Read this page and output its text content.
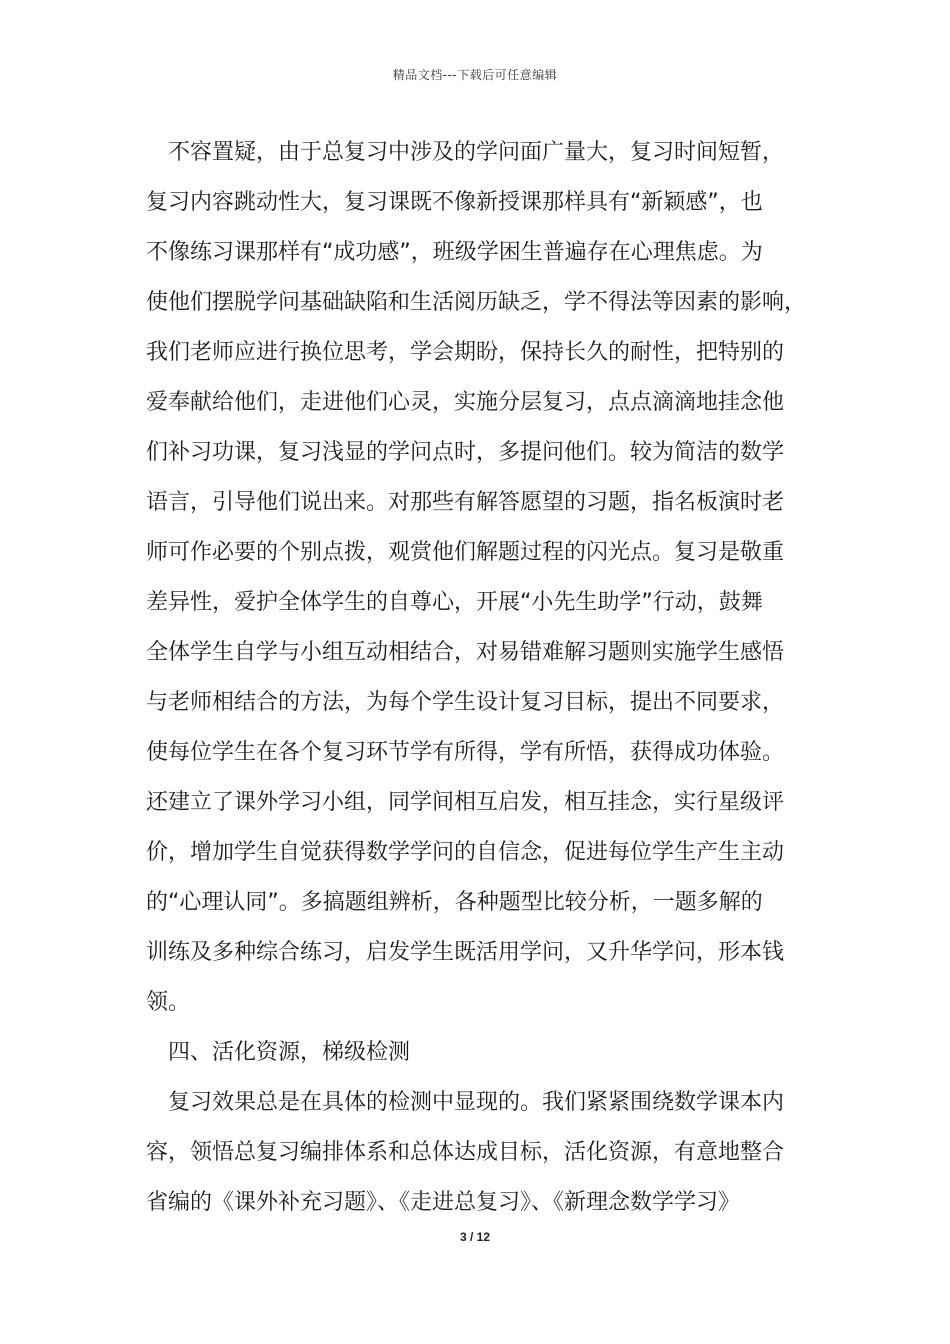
精品文档---下载后可任意编辑
不容置疑，由于总复习中涉及的学问面广量大，复习时间短暂，
复习内容跳动性大，复习课既不像新授课那样具有“新颖感”，也
不像练习课那样有“成功感”，班级学困生普遍存在心理焦虑。为
使他们摆脱学问基础缺陷和生活阅历缺乏，学不得法等因素的影响，
我们老师应进行换位思考，学会期盼，保持长久的耐性，把特别的
爱奉献给他们，走进他们心灵，实施分层复习，点点滴滴地挂念他
们补习功课，复习浅显的学问点时，多提问他们。较为简洁的数学
语言，引导他们说出来。对那些有解答愿望的习题，指名板演时老
师可作必要的个别点拨，观赏他们解题过程的闪光点。复习是敬重
差异性，爱护全体学生的自尊心，开展“小先生助学”行动，鼓舞
全体学生自学与小组互动相结合，对易错难解习题则实施学生感悟
与老师相结合的方法，为每个学生设计复习目标，提出不同要求，
使每位学生在各个复习环节学有所得，学有所悟，获得成功体验。
还建立了课外学习小组，同学间相互启发，相互挂念，实行星级评
价，增加学生自觉获得数学学问的自信念，促进每位学生产生主动
的“心理认同”。多搞题组辨析，各种题型比较分析，一题多解的
训练及多种综合练习，启发学生既活用学问，又升华学问，形本钱
领。
四、活化资源，梯级检测
复习效果总是在具体的检测中显现的。我们紧紧围绕数学课本内
容，领悟总复习编排体系和总体达成目标，活化资源，有意地整合
省编的《课外补充习题》、《走进总复习》、《新理念数学学习》
3 / 12
